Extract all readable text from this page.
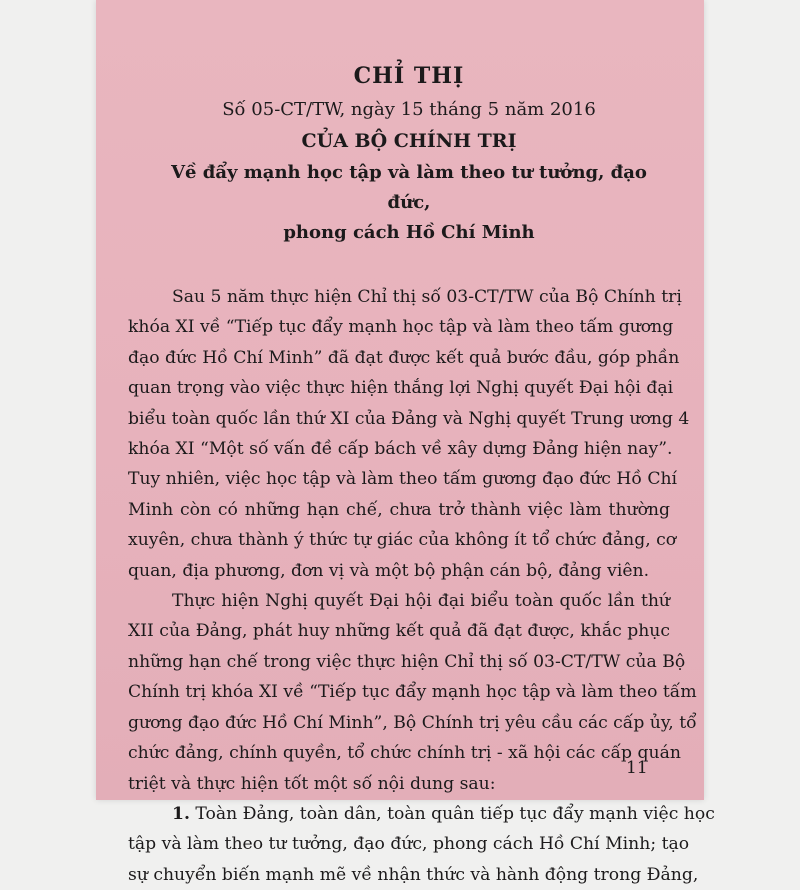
CHỈ THỊ
Số 05-CT/TW, ngày 15 tháng 5 năm 2016
CỦA BỘ CHÍNH TRỊ
Về đẩy mạnh học tập và làm theo tư tưởng, đạo đức,
phong cách Hồ Chí Minh

Sau 5 năm thực hiện Chỉ thị số 03-CT/TW của Bộ Chính trị
khóa XI về “Tiếp tục đẩy mạnh học tập và làm theo tấm gương
đạo đức Hồ Chí Minh” đã đạt được kết quả bước đầu, góp phần
quan trọng vào việc thực hiện thắng lợi Nghị quyết Đại hội đại
biểu toàn quốc lần thứ XI của Đảng và Nghị quyết Trung ương 4
khóa XI “Một số vấn đề cấp bách về xây dựng Đảng hiện nay”.
Tuy nhiên, việc học tập và làm theo tấm gương đạo đức Hồ Chí
Minh còn có những hạn chế, chưa trở thành việc làm thường
xuyên, chưa thành ý thức tự giác của không ít tổ chức đảng, cơ
quan, địa phương, đơn vị và một bộ phận cán bộ, đảng viên.

Thực hiện Nghị quyết Đại hội đại biểu toàn quốc lần thứ
XII của Đảng, phát huy những kết quả đã đạt được, khắc phục
những hạn chế trong việc thực hiện Chỉ thị số 03-CT/TW của Bộ
Chính trị khóa XI về “Tiếp tục đẩy mạnh học tập và làm theo tấm
gương đạo đức Hồ Chí Minh”, Bộ Chính trị yêu cầu các cấp ủy, tổ
chức đảng, chính quyền, tổ chức chính trị - xã hội các cấp quán
triệt và thực hiện tốt một số nội dung sau:

1. Toàn Đảng, toàn dân, toàn quân tiếp tục đẩy mạnh việc học
tập và làm theo tư tưởng, đạo đức, phong cách Hồ Chí Minh; tạo
sự chuyển biến mạnh mẽ về nhận thức và hành động trong Đảng,

11
